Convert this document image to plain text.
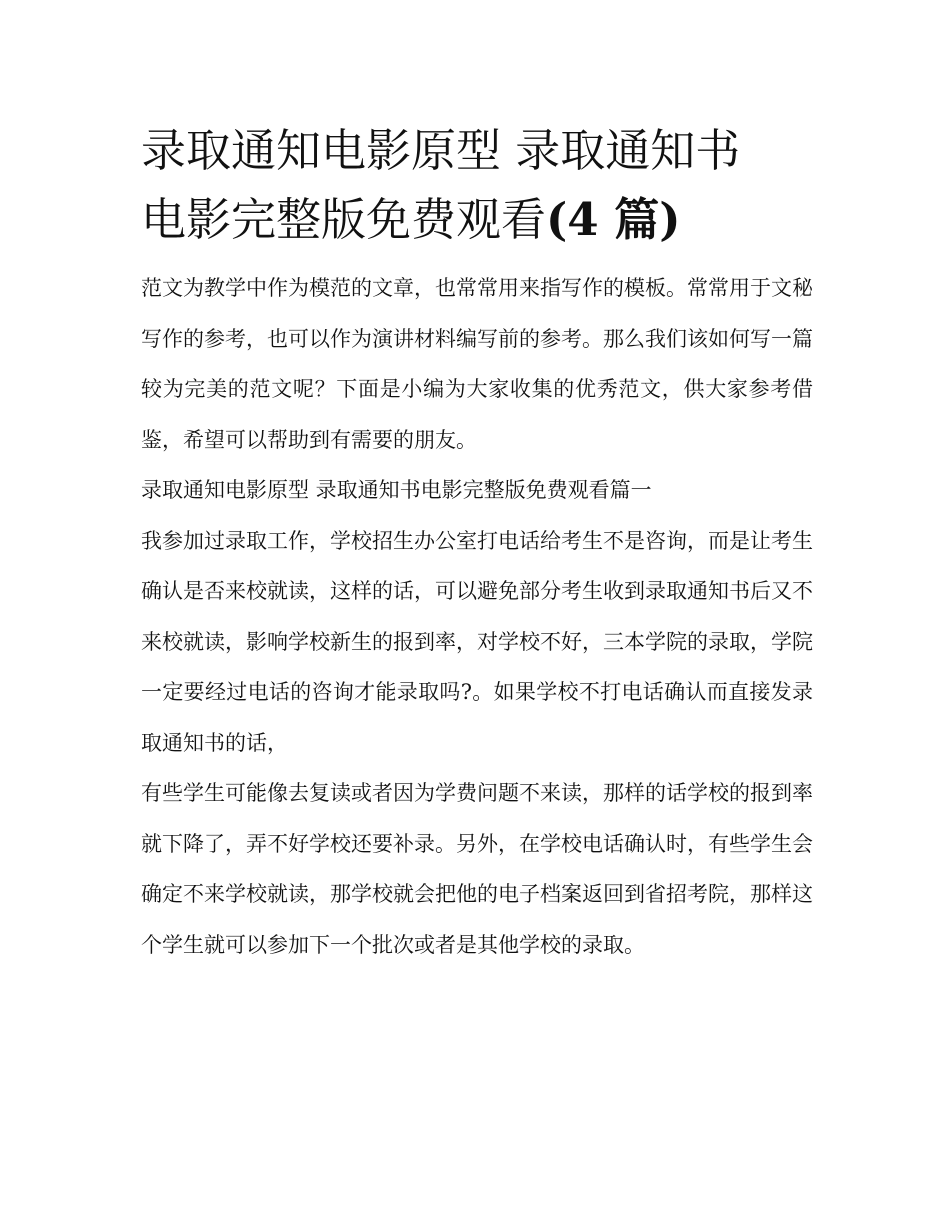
录取通知电影原型 录取通知书
电影完整版免费观看(4 篇)

范文为教学中作为模范的文章，也常常用来指写作的模板。常常用于文秘写作的参考，也可以作为演讲材料编写前的参考。那么我们该如何写一篇较为完美的范文呢？下面是小编为大家收集的优秀范文，供大家参考借鉴，希望可以帮助到有需要的朋友。

录取通知电影原型 录取通知书电影完整版免费观看篇一

我参加过录取工作，学校招生办公室打电话给考生不是咨询，而是让考生确认是否来校就读，这样的话，可以避免部分考生收到录取通知书后又不来校就读，影响学校新生的报到率，对学校不好，三本学院的录取，学院一定要经过电话的咨询才能录取吗?。如果学校不打电话确认而直接发录取通知书的话，

有些学生可能像去复读或者因为学费问题不来读，那样的话学校的报到率就下降了，弄不好学校还要补录。另外，在学校电话确认时，有些学生会确定不来学校就读，那学校就会把他的电子档案返回到省招考院，那样这个学生就可以参加下一个批次或者是其他学校的录取。
